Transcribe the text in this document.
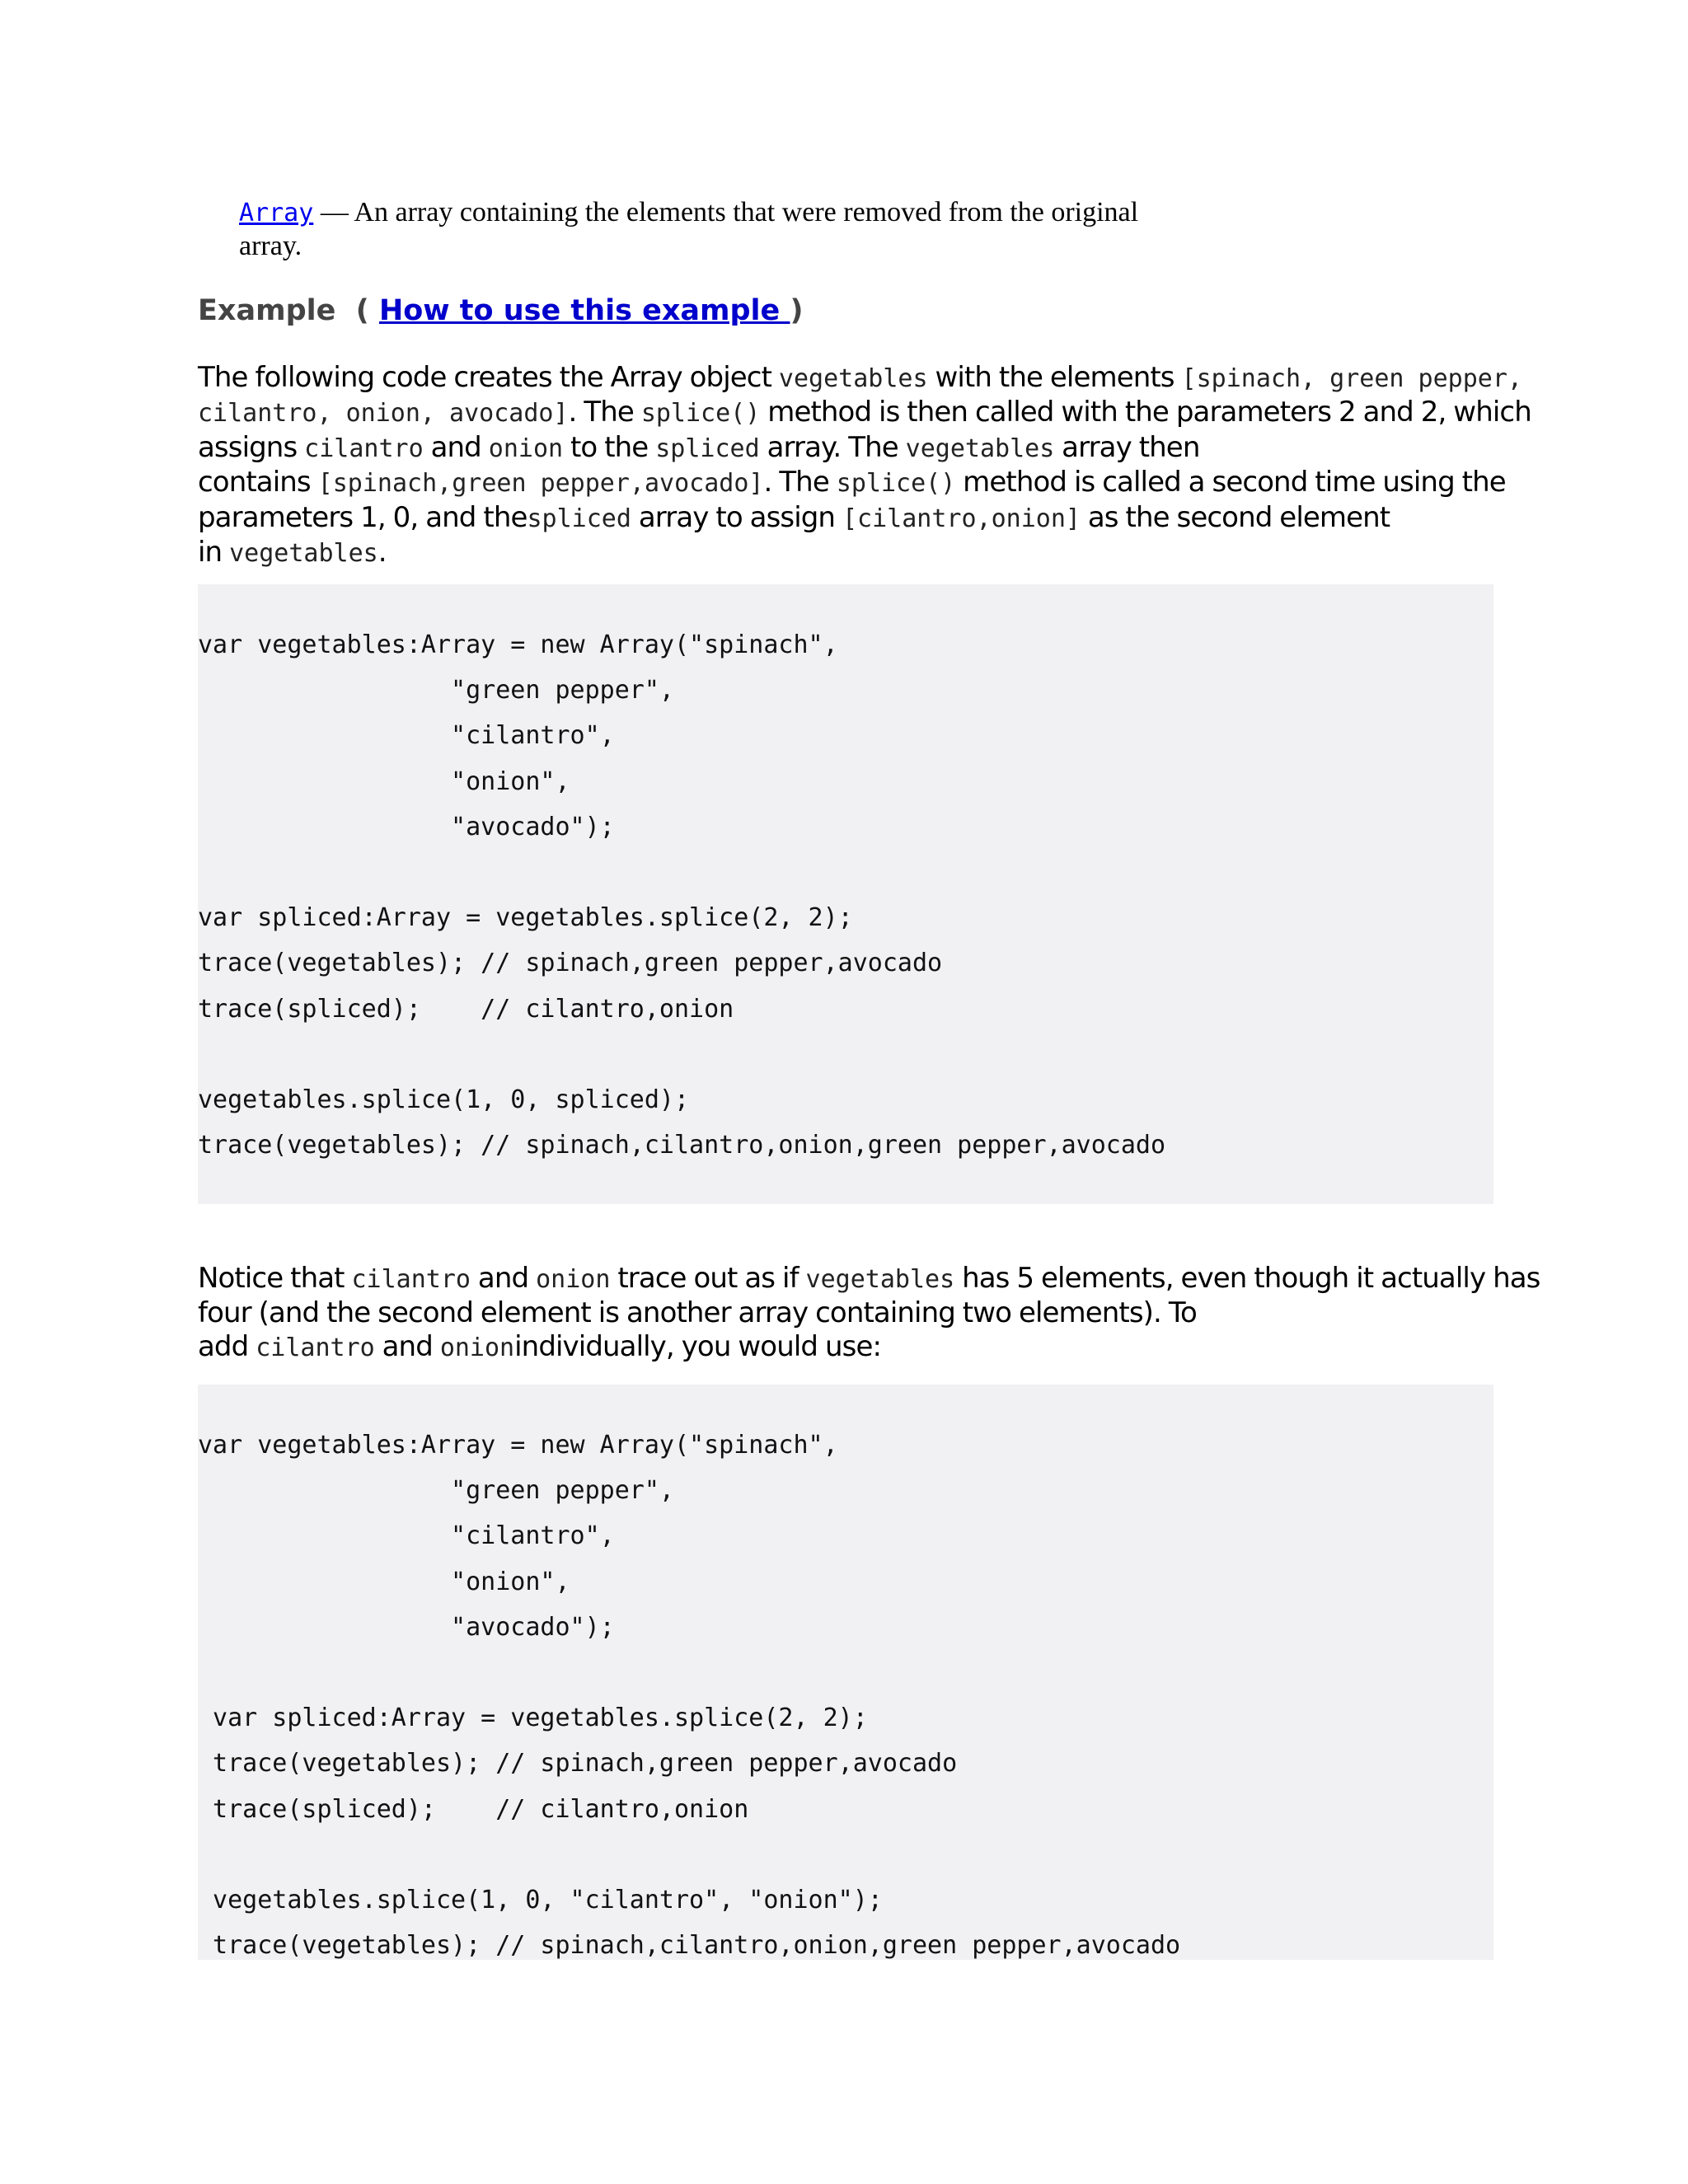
Array — An array containing the elements that were removed from the original
array.
Example ( How to use this example )
The following code creates the Array object vegetables with the elements [spinach, green pepper,
cilantro, onion, avocado]. The splice() method is then called with the parameters 2 and 2, which
assigns cilantro and onion to the spliced array. The vegetables array then
contains [spinach,green pepper,avocado]. The splice() method is called a second time using the
parameters 1, 0, and thespliced array to assign [cilantro,onion] as the second element
in vegetables.
var vegetables:Array = new Array("spinach",
"green pepper",
"cilantro",
"onion",
"avocado");

var spliced:Array = vegetables.splice(2, 2);
trace(vegetables); // spinach,green pepper,avocado
trace(spliced);    // cilantro,onion

vegetables.splice(1, 0, spliced);
trace(vegetables); // spinach,cilantro,onion,green pepper,avocado
Notice that cilantro and onion trace out as if vegetables has 5 elements, even though it actually has
four (and the second element is another array containing two elements). To
add cilantro and onionindividually, you would use:
var vegetables:Array = new Array("spinach",
"green pepper",
"cilantro",
"onion",
"avocado");

var spliced:Array = vegetables.splice(2, 2);
trace(vegetables); // spinach,green pepper,avocado
trace(spliced);    // cilantro,onion

vegetables.splice(1, 0, "cilantro", "onion");
trace(vegetables); // spinach,cilantro,onion,green pepper,avocado
